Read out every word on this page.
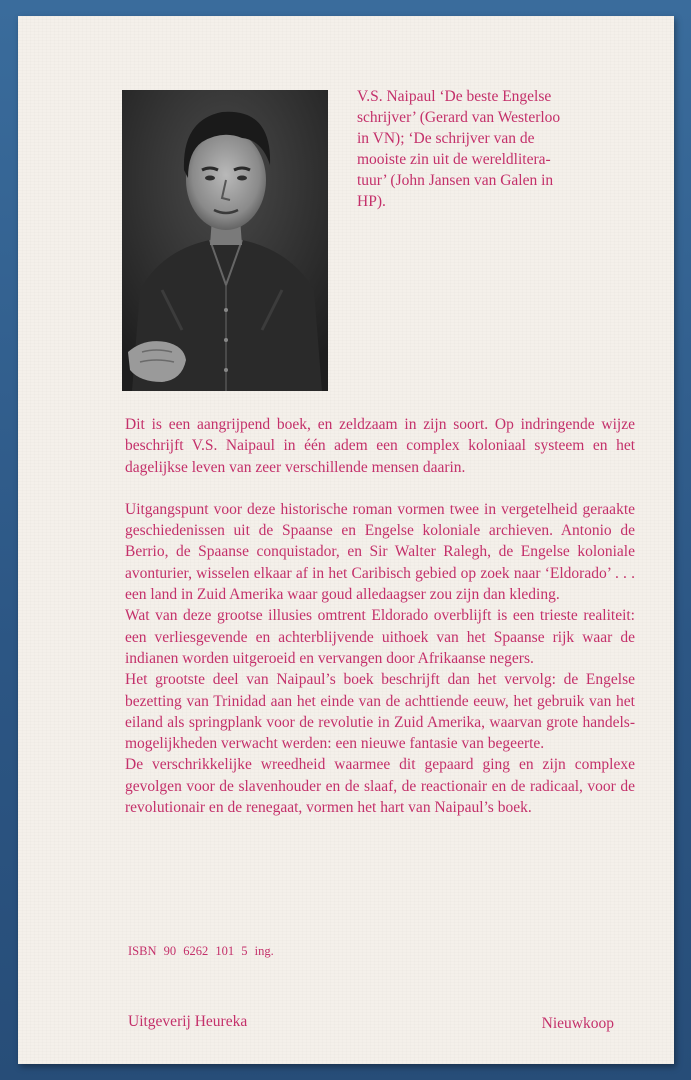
V.S. Naipaul ‘De beste Engelse
schrijver’ (Gerard van Westerloo
in VN); ‘De schrijver van de
mooiste zin uit de wereldlitera-
tuur’ (John Jansen van Galen in
HP).

Dit is een aangrijpend boek, en zeldzaam in zijn soort. Op indringende wijze beschrijft V.S. Naipaul in één adem een complex koloniaal systeem en het dagelijkse leven van zeer verschillende mensen daarin.

Uitgangspunt voor deze historische roman vormen twee in vergetelheid geraakte geschiedenissen uit de Spaanse en Engelse koloniale archieven. Antonio de Berrio, de Spaanse conquistador, en Sir Walter Ralegh, de Engelse koloniale avonturier, wisselen elkaar af in het Caribisch gebied op zoek naar ‘Eldorado’ . . . een land in Zuid Amerika waar goud alledaagser zou zijn dan kleding.

Wat van deze grootse illusies omtrent Eldorado overblijft is een trieste realiteit: een verliesgevende en achterblijvende uithoek van het Spaanse rijk waar de indianen worden uitgeroeid en vervangen door Afrikaanse negers.

Het grootste deel van Naipaul’s boek beschrijft dan het vervolg: de Engelse bezetting van Trinidad aan het einde van de achttiende eeuw, het gebruik van het eiland als springplank voor de revolutie in Zuid Amerika, waarvan grote handels- mogelijkheden verwacht werden: een nieuwe fantasie van begeerte.

De verschrikkelijke wreedheid waarmee dit gepaard ging en zijn complexe gevolgen voor de slavenhouder en de slaaf, de reactionair en de radicaal, voor de revolutionair en de renegaat, vormen het hart van Naipaul’s boek.

ISBN 90 6262 101 5 ing.
Uitgeverij Heureka	Nieuwkoop
